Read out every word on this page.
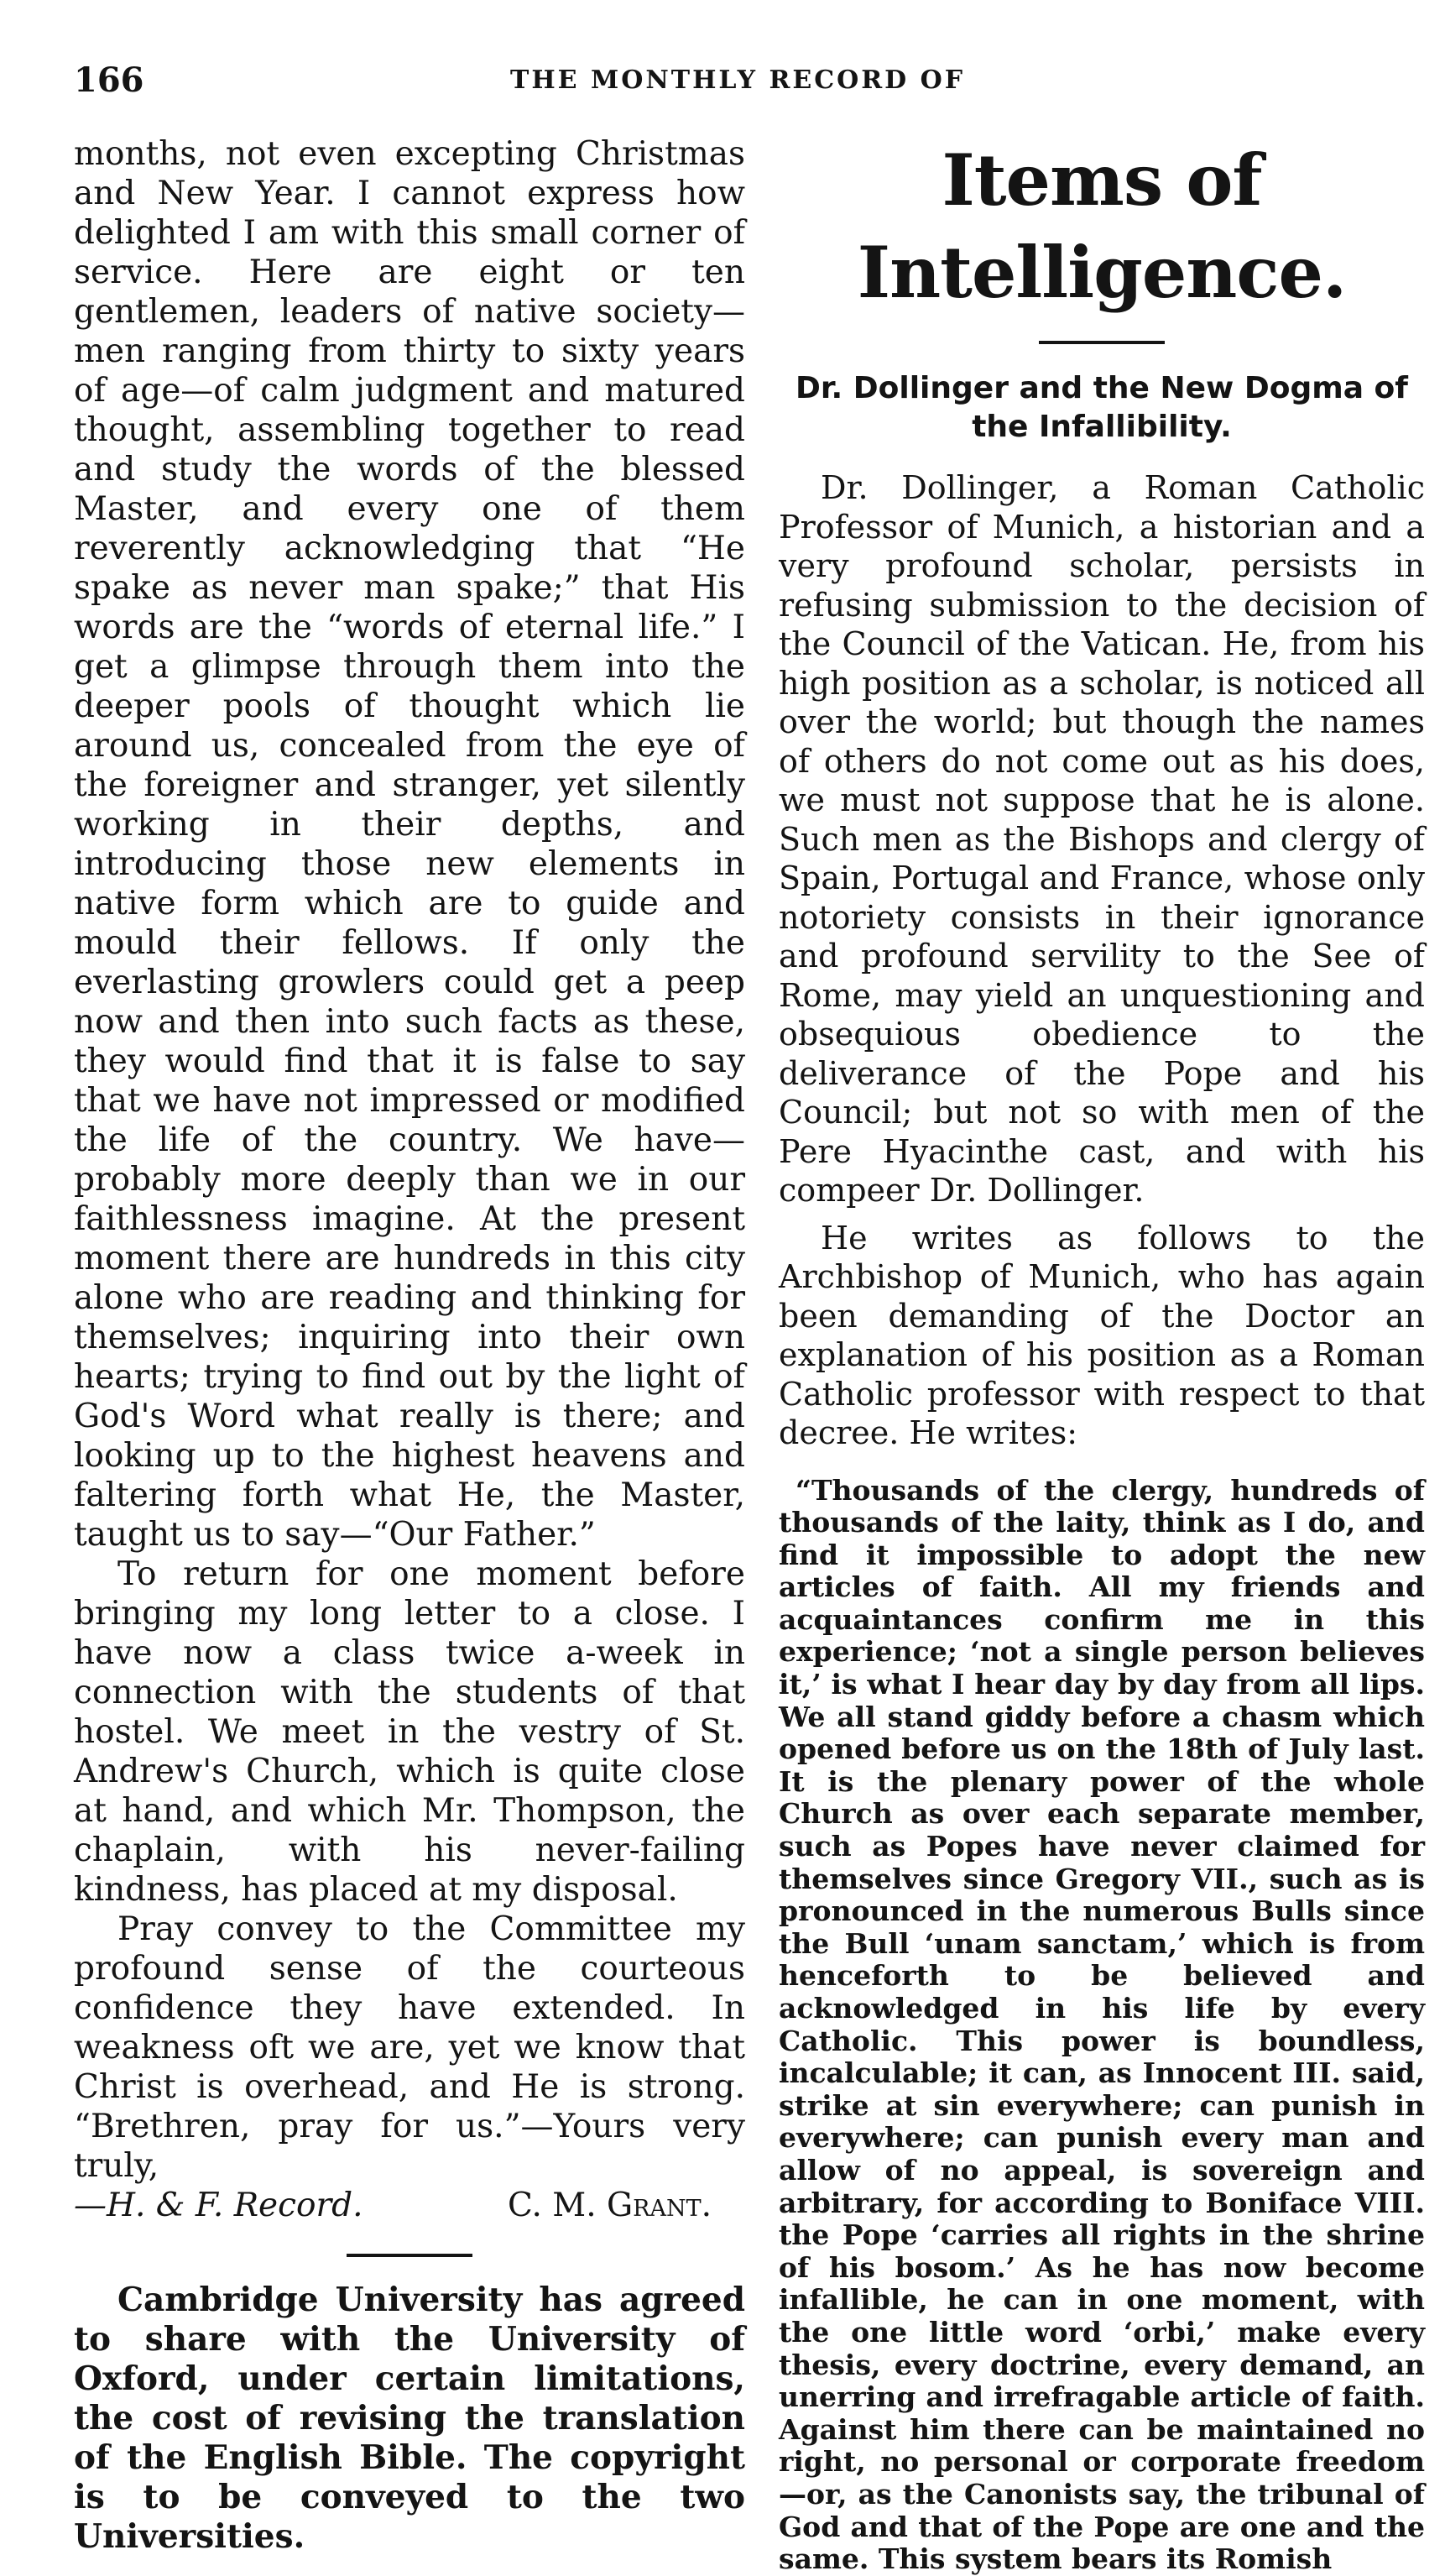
166	THE MONTHLY RECORD OF

months, not even excepting Christmas and New Year. I cannot express how delighted I am with this small corner of service. Here are eight or ten gentlemen, leaders of native society—men ranging from thirty to sixty years of age—of calm judgment and matured thought, assembling together to read and study the words of the blessed Master, and every one of them reverently acknowledging that “He spake as never man spake;” that His words are the “words of eternal life.” I get a glimpse through them into the deeper pools of thought which lie around us, concealed from the eye of the foreigner and stranger, yet silently working in their depths, and introducing those new elements in native form which are to guide and mould their fellows. If only the everlasting growlers could get a peep now and then into such facts as these, they would find that it is false to say that we have not impressed or modified the life of the country. We have—probably more deeply than we in our faithlessness imagine. At the present moment there are hundreds in this city alone who are reading and thinking for themselves; inquiring into their own hearts; trying to find out by the light of God's Word what really is there; and looking up to the highest heavens and faltering forth what He, the Master, taught us to say—“Our Father.”

To return for one moment before bringing my long letter to a close. I have now a class twice a-week in connection with the students of that hostel. We meet in the vestry of St. Andrew's Church, which is quite close at hand, and which Mr. Thompson, the chaplain, with his never-failing kindness, has placed at my disposal.

Pray convey to the Committee my profound sense of the courteous confidence they have extended. In weakness oft we are, yet we know that Christ is overhead, and He is strong. “Brethren, pray for us.”—Yours very truly,

—H. & F. Record.	C. M. Grant.

Cambridge University has agreed to share with the University of Oxford, under certain limitations, the cost of revising the translation of the English Bible. The copyright is to be conveyed to the two Universities.

Items of Intelligence.
Dr. Dollinger and the New Dogma of the Infallibility.

Dr. Dollinger, a Roman Catholic Professor of Munich, a historian and a very profound scholar, persists in refusing submission to the decision of the Council of the Vatican. He, from his high position as a scholar, is noticed all over the world; but though the names of others do not come out as his does, we must not suppose that he is alone. Such men as the Bishops and clergy of Spain, Portugal and France, whose only notoriety consists in their ignorance and profound servility to the See of Rome, may yield an unquestioning and obsequious obedience to the deliverance of the Pope and his Council; but not so with men of the Pere Hyacinthe cast, and with his compeer Dr. Dollinger.

He writes as follows to the Archbishop of Munich, who has again been demanding of the Doctor an explanation of his position as a Roman Catholic professor with respect to that decree. He writes:

“Thousands of the clergy, hundreds of thousands of the laity, think as I do, and find it impossible to adopt the new articles of faith. All my friends and acquaintances confirm me in this experience; ‘not a single person believes it,’ is what I hear day by day from all lips. We all stand giddy before a chasm which opened before us on the 18th of July last. It is the plenary power of the whole Church as over each separate member, such as Popes have never claimed for themselves since Gregory VII., such as is pronounced in the numerous Bulls since the Bull ‘unam sanctam,’ which is from henceforth to be believed and acknowledged in his life by every Catholic. This power is boundless, incalculable; it can, as Innocent III. said, strike at sin everywhere; can punish in everywhere; can punish every man and allow of no appeal, is sovereign and arbitrary, for according to Boniface VIII. the Pope ‘carries all rights in the shrine of his bosom.’ As he has now become infallible, he can in one moment, with the one little word ‘orbi,’ make every thesis, every doctrine, every demand, an unerring and irrefragable article of faith. Against him there can be maintained no right, no personal or corporate freedom—or, as the Canonists say, the tribunal of God and that of the Pope are one and the same. This system bears its Romish
